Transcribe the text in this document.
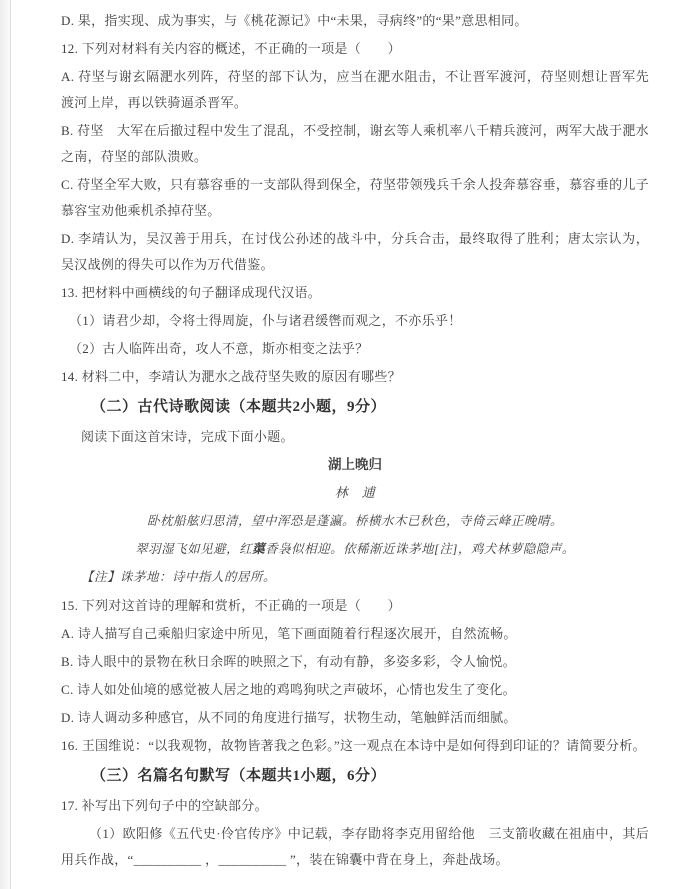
D. 果，指实现、成为事实，与《桃花源记》中“未果，寻病终”的“果”意思相同。

12. 下列对材料有关内容的概述，不正确的一项是（　　）

A. 苻坚与谢玄隔淝水列阵，苻坚的部下认为，应当在淝水阻击，不让晋军渡河，苻坚则想让晋军先渡河上岸，再以铁骑逼杀晋军。

B. 苻坚　大军在后撤过程中发生了混乱，不受控制，谢玄等人乘机率八千精兵渡河，两军大战于淝水之南，苻坚的部队溃败。

C. 苻坚全军大败，只有慕容垂的一支部队得到保全，苻坚带领残兵千余人投奔慕容垂，慕容垂的儿子慕容宝劝他乘机杀掉苻坚。

D. 李靖认为，吴汉善于用兵，在讨伐公孙述的战斗中，分兵合击，最终取得了胜利；唐太宗认为，吴汉战例的得失可以作为万代借鉴。

13. 把材料中画横线的句子翻译成现代汉语。

（1）请君少却，令将士得周旋，仆与诸君缓辔而观之，不亦乐乎！

（2）古人临阵出奇，攻人不意，斯亦相变之法乎？

14. 材料二中，李靖认为淝水之战苻坚失败的原因有哪些？

（二）古代诗歌阅读（本题共2小题，9分）

阅读下面这首宋诗，完成下面小题。

湖上晚归
林　逋
卧枕船舷归思清，望中浑恐是蓬瀛。桥横水木已秋色，寺倚云峰正晚晴。
翠羽湿飞如见避，红蕖香袅似相迎。依稀渐近诛茅地[注]，鸡犬林萝隐隐声。
【注】诛茅地：诗中指人的居所。

15. 下列对这首诗的理解和赏析，不正确的一项是（　　）

A. 诗人描写自己乘船归家途中所见，笔下画面随着行程逐次展开，自然流畅。

B. 诗人眼中的景物在秋日余晖的映照之下，有动有静，多姿多彩，令人愉悦。

C. 诗人如处仙境的感觉被人居之地的鸡鸣狗吠之声破坏，心情也发生了变化。

D. 诗人调动多种感官，从不同的角度进行描写，状物生动，笔触鲜活而细腻。

16. 王国维说：“以我观物，故物皆著我之色彩。”这一观点在本诗中是如何得到印证的？请简要分析。

（三）名篇名句默写（本题共1小题，6分）

17. 补写出下列句子中的空缺部分。

（1）欧阳修《五代史·伶官传序》中记载，李存勖将李克用留给他　三支箭收藏在祖庙中，其后用兵作战，“__________ ，__________ ”，装在锦囊中背在身上，奔赴战场。
